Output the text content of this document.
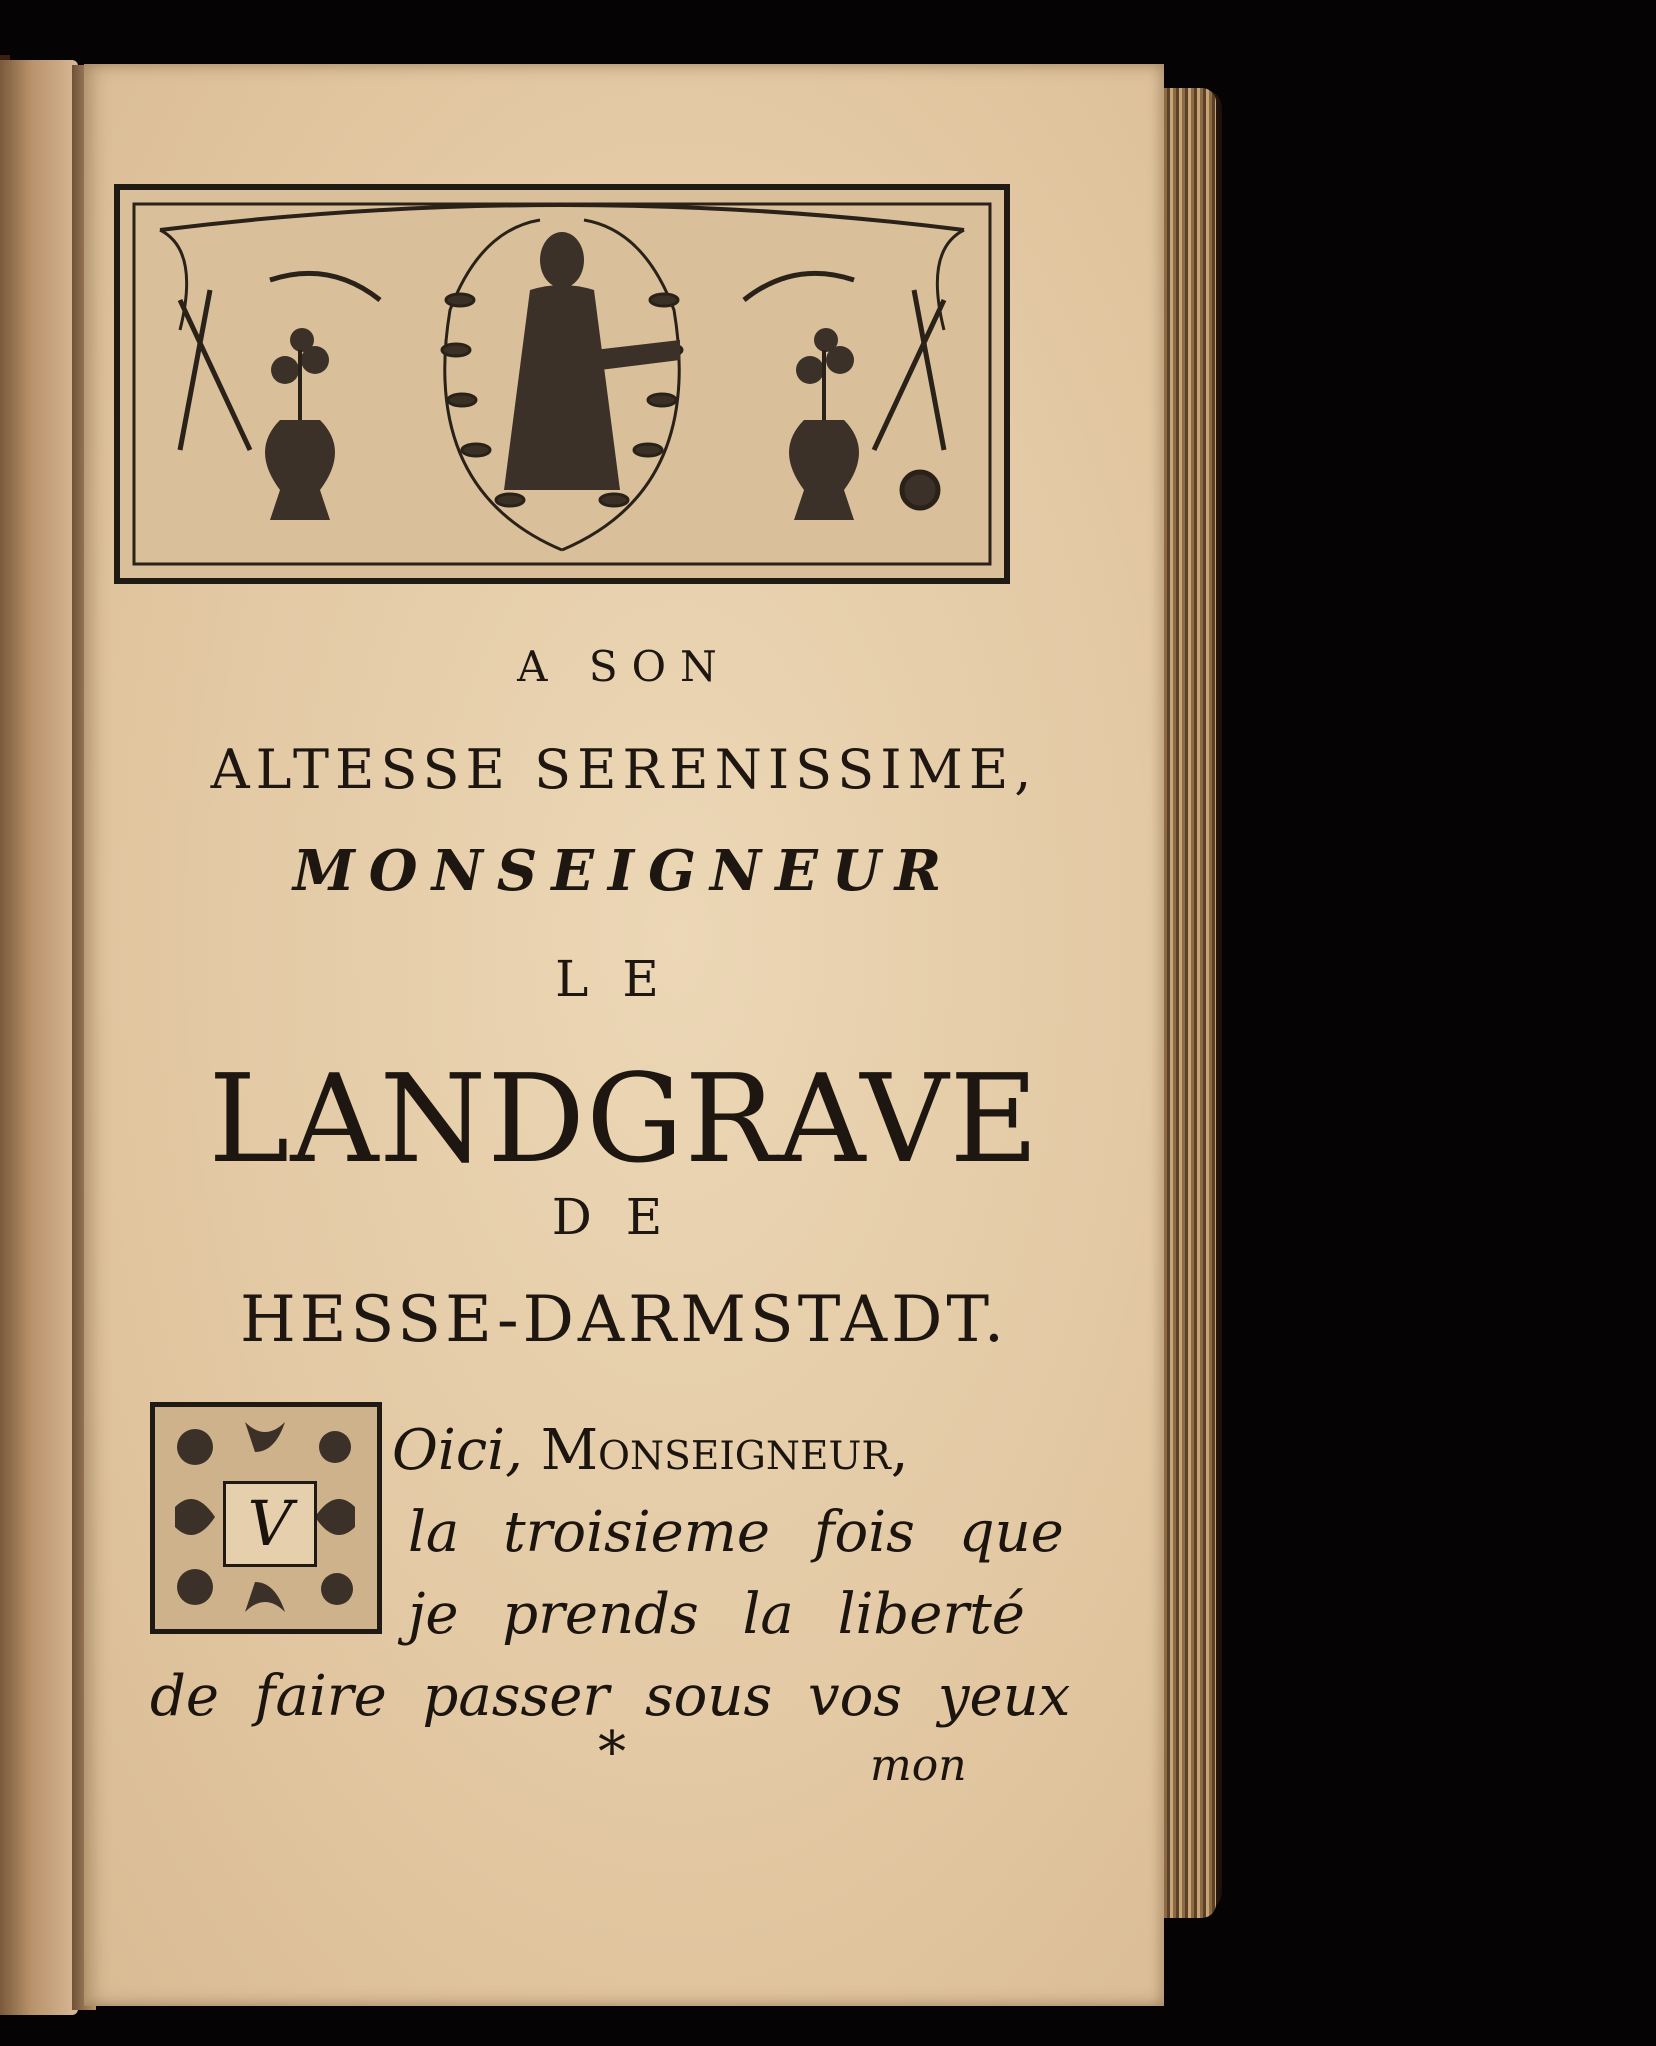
A SON
ALTESSE SERENISSIME,
MONSEIGNEUR
LE
LANDGRAVE
DE
HESSE-DARMSTADT.
V
Oici, Monseigneur,
la troisieme fois que
je prends la liberté
de faire passer sous vos yeux
*	mon
